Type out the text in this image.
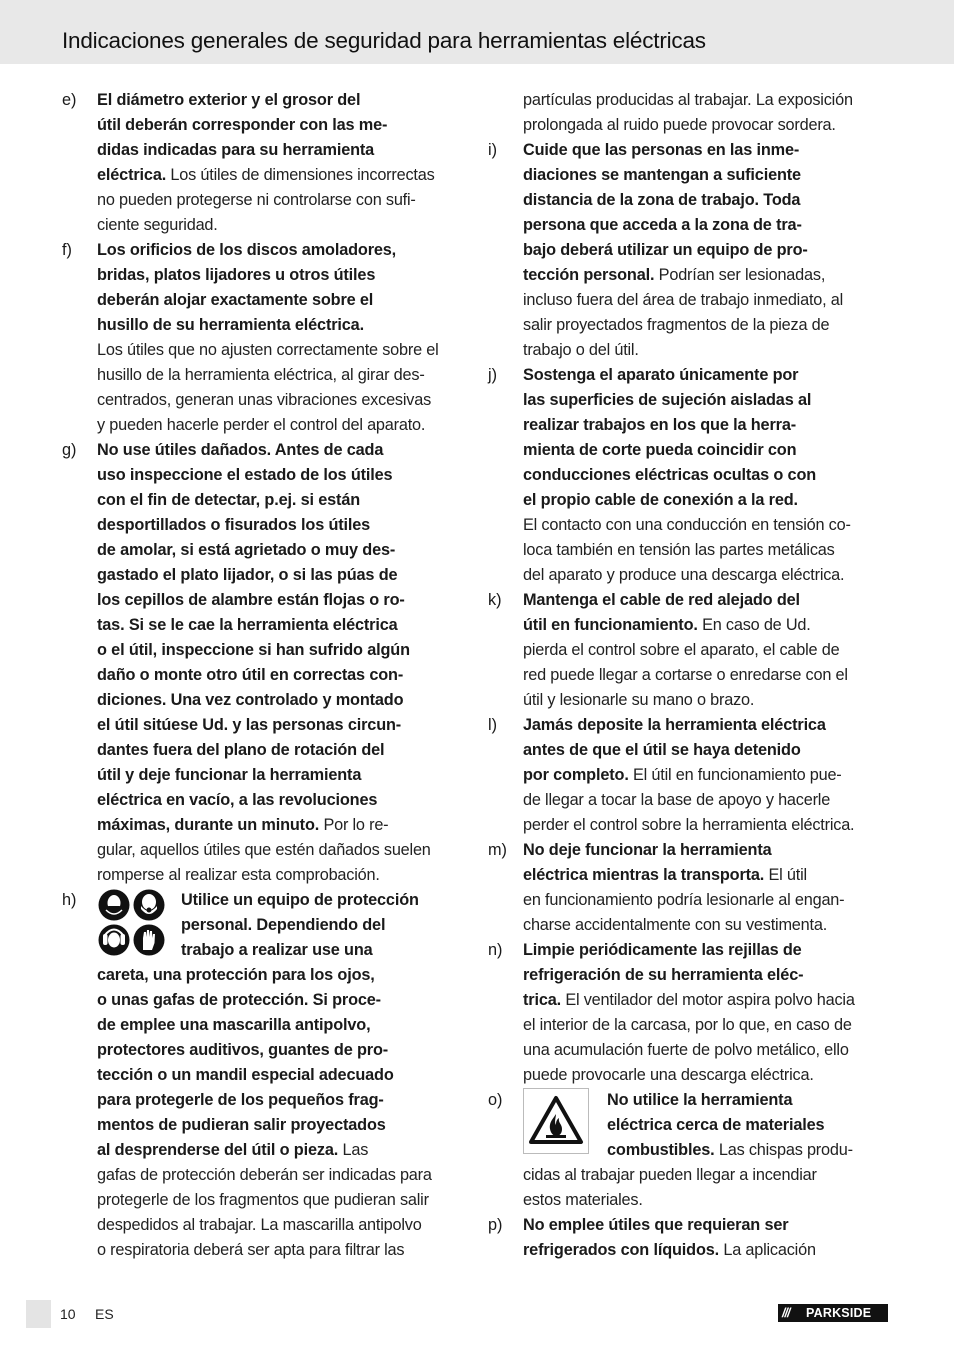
Indicaciones generales de seguridad para herramientas eléctricas
e) El diámetro exterior y el grosor del
útil deberán corresponder con las me-
didas indicadas para su herramienta
eléctrica. Los útiles de dimensiones incorrectas
no pueden protegerse ni controlarse con sufi-
ciente seguridad.
f) Los orificios de los discos amoladores,
bridas, platos lijadores u otros útiles
deberán alojar exactamente sobre el
husillo de su herramienta eléctrica.
Los útiles que no ajusten correctamente sobre el
husillo de la herramienta eléctrica, al girar des-
centrados, generan unas vibraciones excesivas
y pueden hacerle perder el control del aparato.
g) No use útiles dañados. Antes de cada
uso inspeccione el estado de los útiles
con el fin de detectar, p.ej. si están
desportillados o fisurados los útiles
de amolar, si está agrietado o muy des-
gastado el plato lijador, o si las púas de
los cepillos de alambre están flojas o ro-
tas. Si se le cae la herramienta eléctrica
o el útil, inspeccione si han sufrido algún
daño o monte otro útil en correctas con-
diciones. Una vez controlado y montado
el útil sitúese Ud. y las personas circun-
dantes fuera del plano de rotación del
útil y deje funcionar la herramienta
eléctrica en vacío, a las revoluciones
máximas, durante un minuto. Por lo re-
gular, aquellos útiles que estén dañados suelen
romperse al realizar esta comprobación.
h)	Utilice un equipo de protección
personal. Dependiendo del
trabajo a realizar use una
careta, una protección para los ojos,
o unas gafas de protección. Si proce-
de emplee una mascarilla antipolvo,
protectores auditivos, guantes de pro-
tección o un mandil especial adecuado
para protegerle de los pequeños frag-
mentos de pudieran salir proyectados
al desprenderse del útil o pieza. Las
gafas de protección deberán ser indicadas para
protegerle de los fragmentos que pudieran salir
despedidos al trabajar. La mascarilla antipolvo
o respiratoria deberá ser apta para filtrar las
partículas producidas al trabajar. La exposición
prolongada al ruido puede provocar sordera.
i) Cuide que las personas en las inme-
diaciones se mantengan a suficiente
distancia de la zona de trabajo. Toda
persona que acceda a la zona de tra-
bajo deberá utilizar un equipo de pro-
tección personal. Podrían ser lesionadas,
incluso fuera del área de trabajo inmediato, al
salir proyectados fragmentos de la pieza de
trabajo o del útil.
j) Sostenga el aparato únicamente por
las superficies de sujeción aisladas al
realizar trabajos en los que la herra-
mienta de corte pueda coincidir con
conducciones eléctricas ocultas o con
el propio cable de conexión a la red.
El contacto con una conducción en tensión co-
loca también en tensión las partes metálicas
del aparato y produce una descarga eléctrica.
k) Mantenga el cable de red alejado del
útil en funcionamiento. En caso de Ud.
pierda el control sobre el aparato, el cable de
red puede llegar a cortarse o enredarse con el
útil y lesionarle su mano o brazo.
l) Jamás deposite la herramienta eléctrica
antes de que el útil se haya detenido
por completo. El útil en funcionamiento pue-
de llegar a tocar la base de apoyo y hacerle
perder el control sobre la herramienta eléctrica.
m) No deje funcionar la herramienta
eléctrica mientras la transporta. El útil
en funcionamiento podría lesionarle al engan-
charse accidentalmente con su vestimenta.
n) Limpie periódicamente las rejillas de
refrigeración de su herramienta eléc-
trica. El ventilador del motor aspira polvo hacia
el interior de la carcasa, por lo que, en caso de
una acumulación fuerte de polvo metálico, ello
puede provocarle una descarga eléctrica.
o)	No utilice la herramienta
eléctrica cerca de materiales
combustibles. Las chispas produ-
cidas al trabajar pueden llegar a incendiar
estos materiales.
p) No emplee útiles que requieran ser
refrigerados con líquidos. La aplicación
10 ES	/// PARKSIDE
